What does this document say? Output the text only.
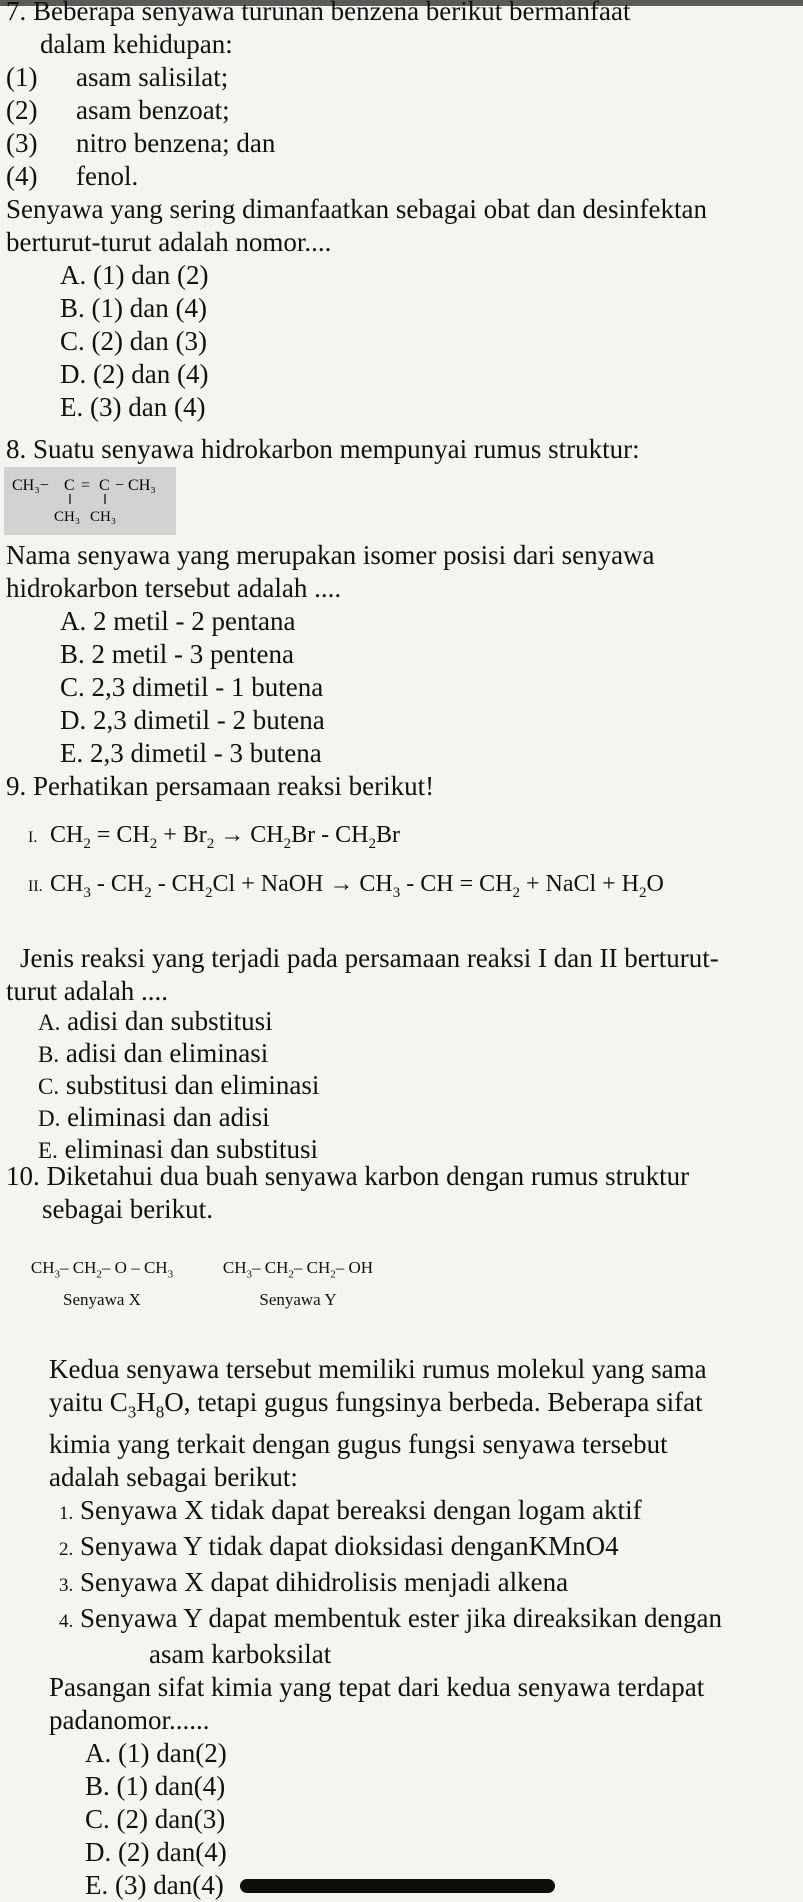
7. Beberapa senyawa turunan benzena berikut bermanfaat
dalam kehidupan:
(1) asam salisilat;
(2) asam benzoat;
(3) nitro benzena; dan
(4) fenol.
Senyawa yang sering dimanfaatkan sebagai obat dan desinfektan
berturut-turut adalah nomor....
A. (1) dan (2)
B. (1) dan (4)
C. (2) dan (3)
D. (2) dan (4)
E. (3) dan (4)
8. Suatu senyawa hidrokarbon mempunyai rumus struktur:
CH₃− C = C − CH₃
CH₃ CH₃
Nama senyawa yang merupakan isomer posisi dari senyawa
hidrokarbon tersebut adalah ....
A. 2 metil - 2 pentana
B. 2 metil - 3 pentena
C. 2,3 dimetil - 1 butena
D. 2,3 dimetil - 2 butena
E. 2,3 dimetil - 3 butena
9. Perhatikan persamaan reaksi berikut!
I. $CH_2 = CH_2 + Br_2 \to CH_2Br - CH_2Br$
II. $CH_3 - CH_2 - CH_2Cl$ + NaOH → $CH_3$ - CH = $CH_2$ + NaCl + $H_2O$
Jenis reaksi yang terjadi pada persamaan reaksi I dan II berturut-
turut adalah ....
A. adisi dan substitusi
B. adisi dan eliminasi
C. substitusi dan eliminasi
D. eliminasi dan adisi
E. eliminasi dan substitusi
10. Diketahui dua buah senyawa karbon dengan rumus struktur
sebagai berikut.
$CH_3-$ $CH_2-$ O – $CH_3$
Senyawa X
$CH_3-$ $CH_2-$ $CH_2-$ OH
Senyawa Y
Kedua senyawa tersebut memiliki rumus molekul yang sama
yaitu $C_3H_8O$, tetapi gugus fungsinya berbeda. Beberapa sifat
kimia yang terkait dengan gugus fungsi senyawa tersebut
adalah sebagai berikut:
1. Senyawa X tidak dapat bereaksi dengan logam aktif
2. Senyawa Y tidak dapat dioksidasi denganKMnO4
3. Senyawa X dapat dihidrolisis menjadi alkena
4. Senyawa Y dapat membentuk ester jika direaksikan dengan
asam karboksilat
Pasangan sifat kimia yang tepat dari kedua senyawa terdapat
padanomor......
A. (1) dan(2)
B. (1) dan(4)
C. (2) dan(3)
D. (2) dan(4)
E. (3) dan(4)
